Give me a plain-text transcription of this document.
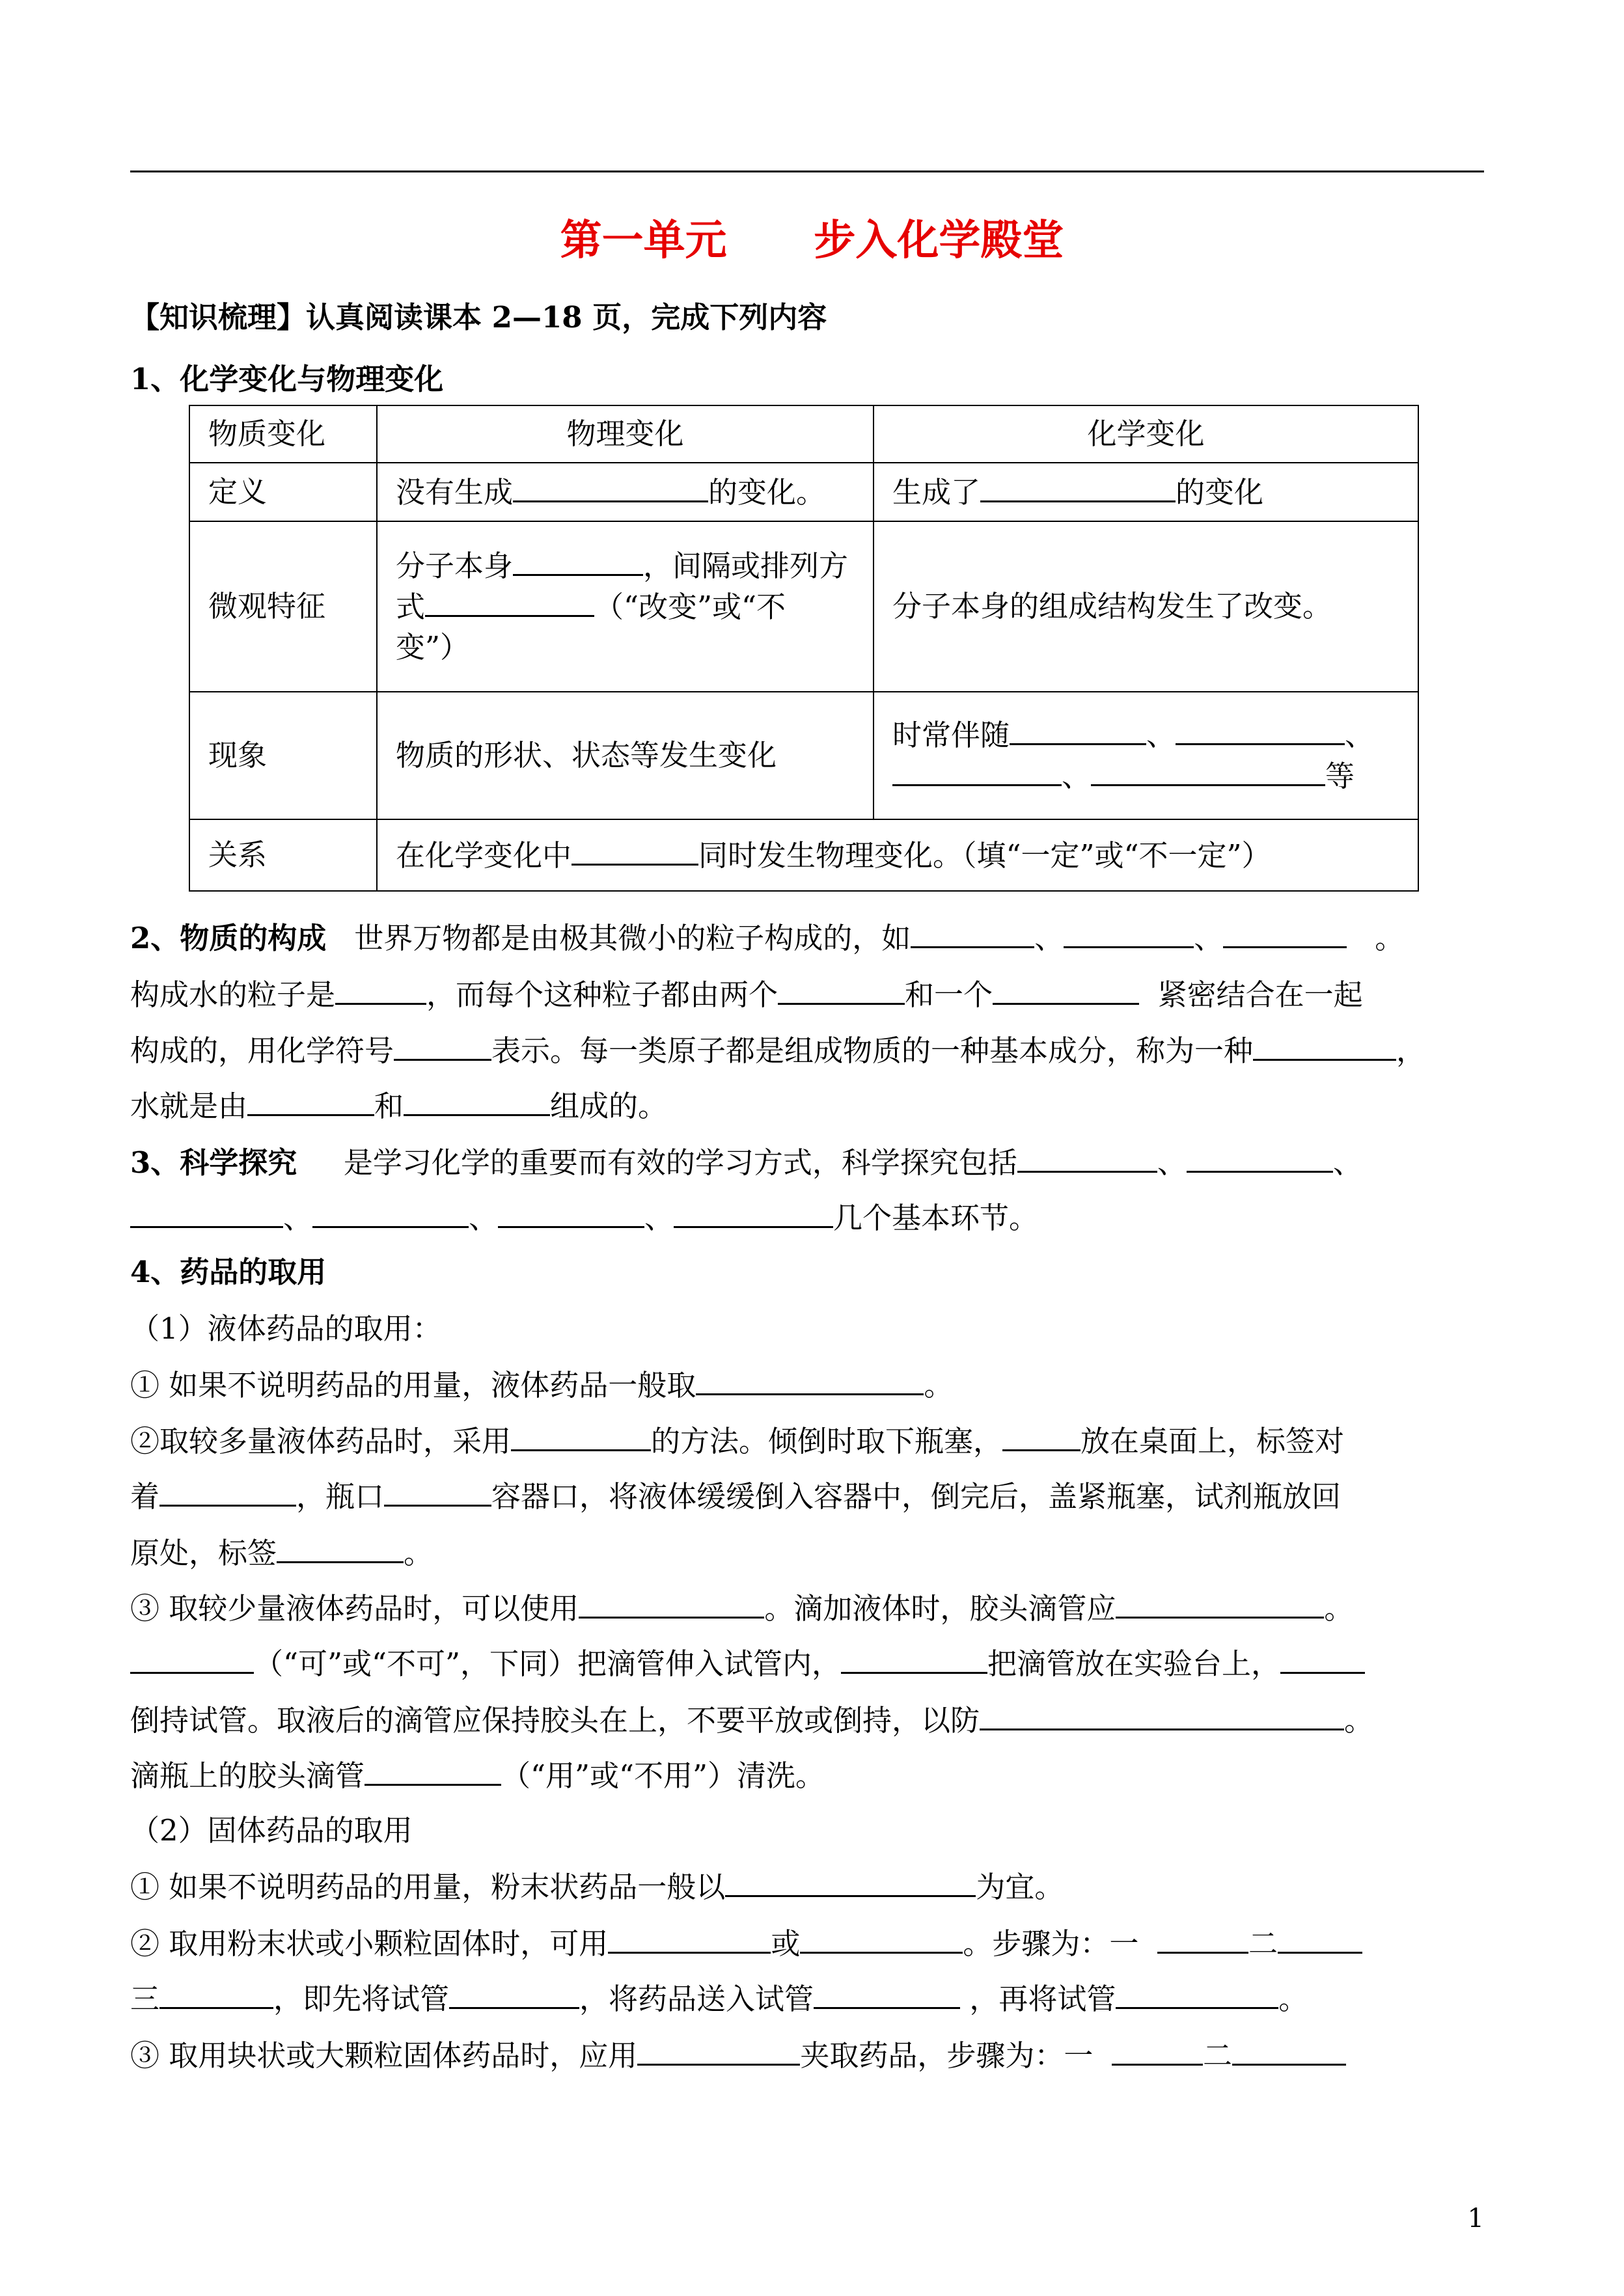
第一单元      步入化学殿堂
【知识梳理】认真阅读课本 2—18 页，完成下列内容
1、化学变化与物理变化
物质变化	物理变化	化学变化
定义	没有生成 的变化。	生成了 的变化
微观特征	分子本身 ，间隔或排列方
式 （“改变”或“不
变”）	分子本身的组成结构发生了改变。
现象	物质的形状、状态等发生变化	时常伴随 、 、
、 等

关系	在化学变化中 同时发生物理变化。（填“一定”或“不一定”）	
2、物质的构成 世界万物都是由极其微小的粒子构成的，如	、	、	。
构成水的粒子是	，而每个这种粒子都由两个	和一个	紧密结合在一起
构成的，用化学符号	表示。每一类原子都是组成物质的一种基本成分，称为一种	，
水就是由	和	组成的。
3、科学探究 是学习化学的重要而有效的学习方式，科学探究包括	、	、
、	、	、	几个基本环节。
4、药品的取用
（1）液体药品的取用：
① 如果不说明药品的用量，液体药品一般取	。
②取较多量液体药品时，采用	的方法。倾倒时取下瓶塞，	放在桌面上，标签对
着	，瓶口	容器口，将液体缓缓倒入容器中，倒完后，盖紧瓶塞，试剂瓶放回
原处，标签	。
③ 取较少量液体药品时，可以使用	。滴加液体时，胶头滴管应	。
（“可”或“不可”，下同）把滴管伸入试管内，	把滴管放在实验台上，
倒持试管。取液后的滴管应保持胶头在上，不要平放或倒持，以防	。
滴瓶上的胶头滴管	（“用”或“不用”）清洗。
（2）固体药品的取用
① 如果不说明药品的用量，粉末状药品一般以	为宜。
② 取用粉末状或小颗粒固体时，可用	或	。步骤为：一	二
三	，即先将试管	，将药品送入试管	，再将试管	。
③ 取用块状或大颗粒固体药品时，应用	夹取药品，步骤为：一	二
1
